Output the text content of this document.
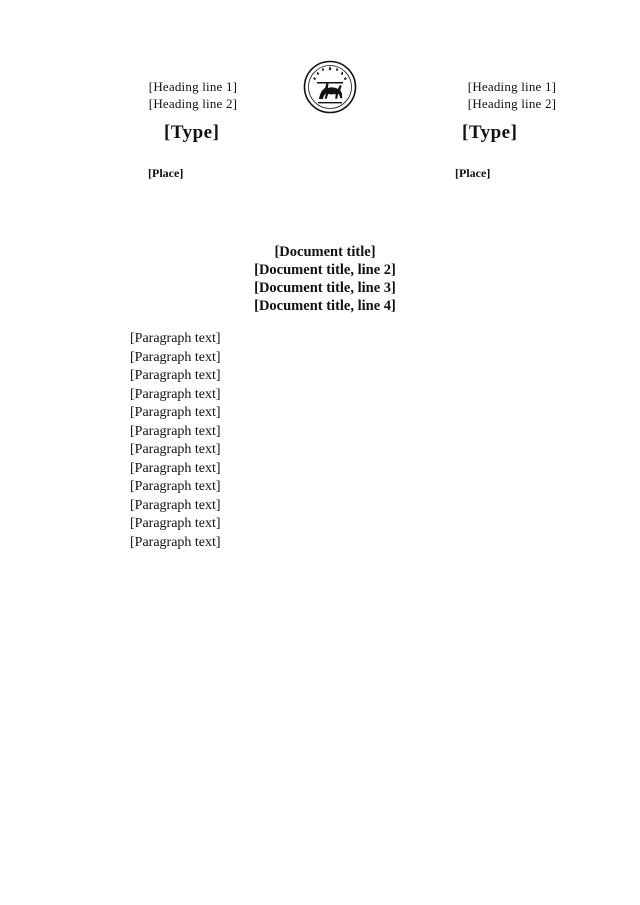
[Heading line 1]
[Heading line 2]
[Heading line 1]
[Heading line 2]
[Type]	[Type]
[Place]	[Place]
[Document title]
[Document title, line 2]
[Document title, line 3]
[Document title, line 4]

[Paragraph text]

[Paragraph text]

[Paragraph text]

[Paragraph text]

[Paragraph text]

[Paragraph text]

[Paragraph text]

[Paragraph text]

[Paragraph text]

[Paragraph text]

[Paragraph text]

[Paragraph text]
